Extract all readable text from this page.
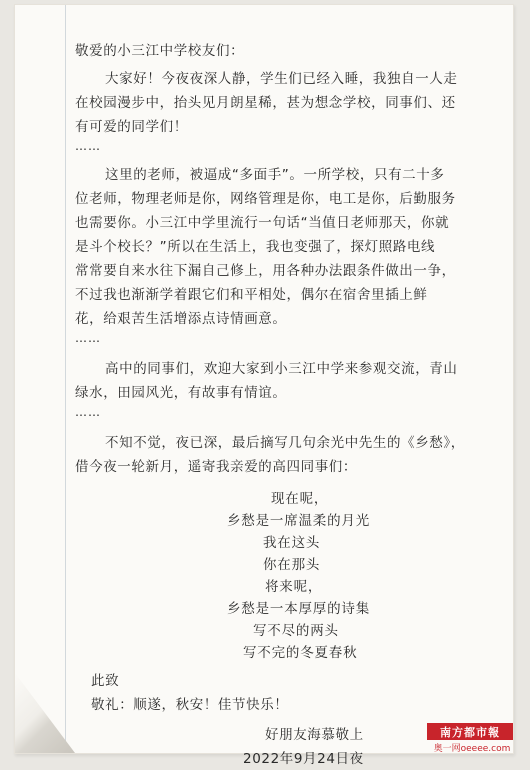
敬爱的小三江中学校友们：
大家好！今夜夜深人静，学生们已经入睡，我独自一人走
在校园漫步中，抬头见月朗星稀，甚为想念学校，同事们、还
有可爱的同学们！
……
这里的老师，被逼成“多面手”。一所学校，只有二十多
位老师，物理老师是你，网络管理是你，电工是你，后勤服务
也需要你。小三江中学里流行一句话“当值日老师那天，你就
是斗个校长？”所以在生活上，我也变强了，探灯照路电线
常常要自来水往下漏自己修上，用各种办法跟条件做出一争，
不过我也渐渐学着跟它们和平相处，偶尔在宿舍里插上鲜
花，给艰苦生活增添点诗情画意。
……
高中的同事们，欢迎大家到小三江中学来参观交流，青山
绿水，田园风光，有故事有情谊。
……
不知不觉，夜已深，最后摘写几句余光中先生的《乡愁》，
借今夜一轮新月，遥寄我亲爱的高四同事们：
现在呢，
乡愁是一席温柔的月光
我在这头
你在那头
将来呢，
乡愁是一本厚厚的诗集
写不尽的两头
写不完的冬夏春秋
此致
敬礼：顺遂，秋安！佳节快乐！
好朋友海慕敬上
2022年9月24日夜
南方都市報
奥一网oeeee.com
